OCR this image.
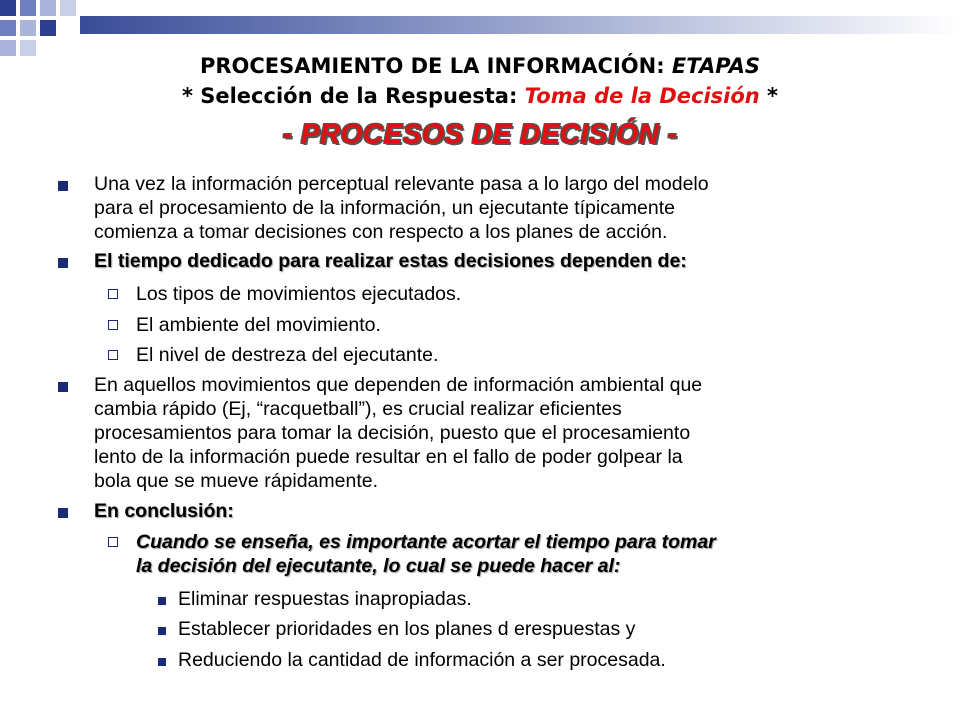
PROCESAMIENTO DE LA INFORMACIÓN: ETAPAS
* Selección de la Respuesta: Toma de la Decisión *
- PROCESOS DE DECISIÓN -
Una vez la información perceptual relevante pasa a lo largo del modelo
para el procesamiento de la información, un ejecutante típicamente
comienza a tomar decisiones con respecto a los planes de acción.
El tiempo dedicado para realizar estas decisiones dependen de:
Los tipos de movimientos ejecutados.
El ambiente del movimiento.
El nivel de destreza del ejecutante.
En aquellos movimientos que dependen de información ambiental que
cambia rápido (Ej, “racquetball”), es crucial realizar eficientes
procesamientos para tomar la decisión, puesto que el procesamiento
lento de la información puede resultar en el fallo de poder golpear la
bola que se mueve rápidamente.
En conclusión:
Cuando se enseña, es importante acortar el tiempo para tomar
la decisión del ejecutante, lo cual se puede hacer al:
Eliminar respuestas inapropiadas.
Establecer prioridades en los planes d erespuestas y
Reduciendo la cantidad de información a ser procesada.
